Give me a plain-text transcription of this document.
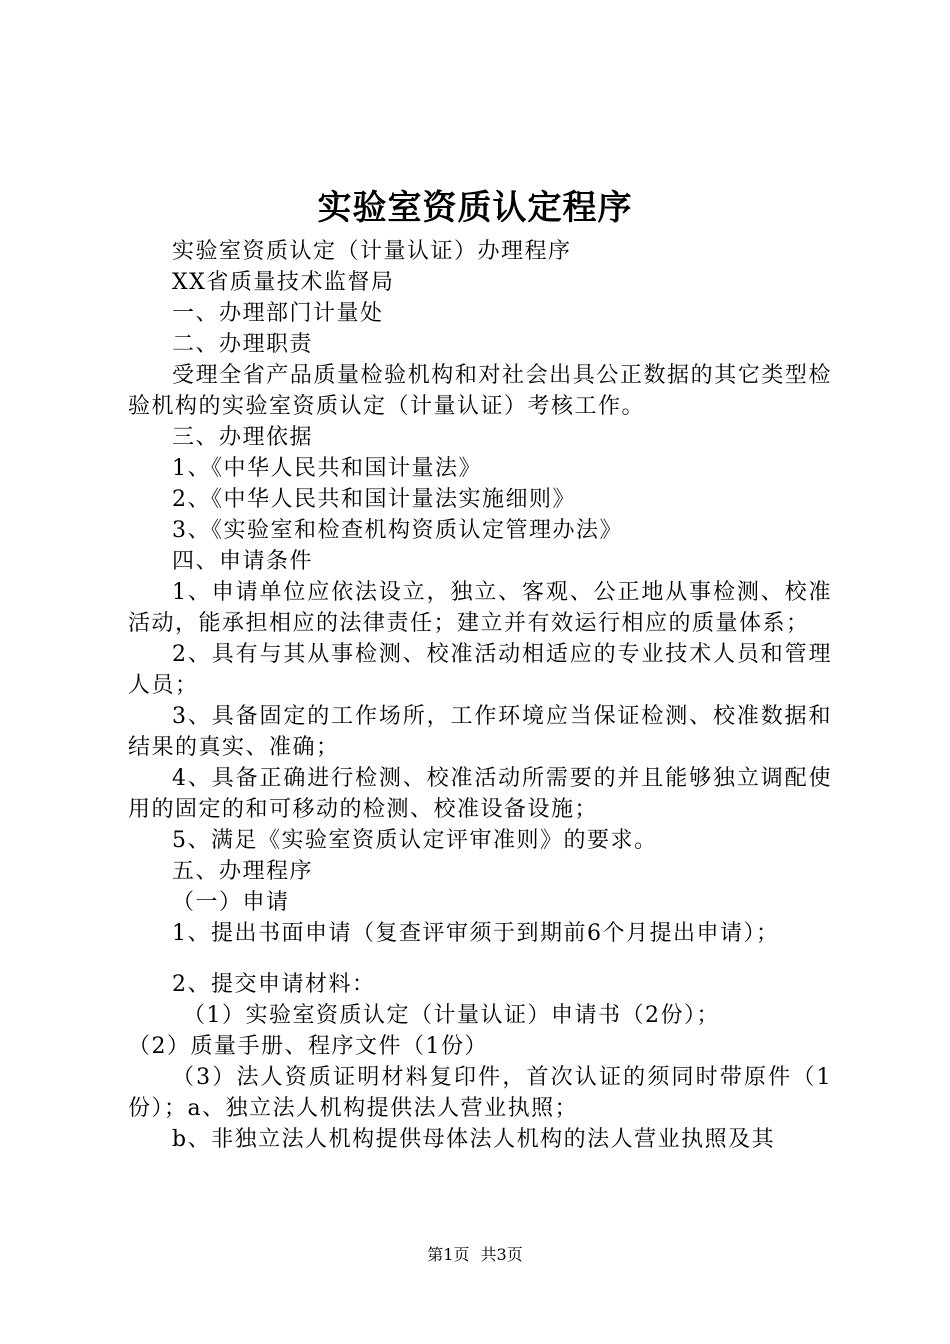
实验室资质认定程序

实验室资质认定（计量认证）办理程序

XX省质量技术监督局

一、办理部门计量处

二、办理职责

受理全省产品质量检验机构和对社会出具公正数据的其它类型检验机构的实验室资质认定（计量认证）考核工作。

三、办理依据

1、《中华人民共和国计量法》

2、《中华人民共和国计量法实施细则》

3、《实验室和检查机构资质认定管理办法》

四、申请条件

1、申请单位应依法设立，独立、客观、公正地从事检测、校准活动，能承担相应的法律责任；建立并有效运行相应的质量体系；

2、具有与其从事检测、校准活动相适应的专业技术人员和管理人员；

3、具备固定的工作场所，工作环境应当保证检测、校准数据和结果的真实、准确；

4、具备正确进行检测、校准活动所需要的并且能够独立调配使用的固定的和可移动的检测、校准设备设施；

5、满足《实验室资质认定评审准则》的要求。

五、办理程序

（一）申请

1、提出书面申请（复查评审须于到期前6个月提出申请）；

2、提交申请材料：

（1）实验室资质认定（计量认证）申请书（2份）；

（2）质量手册、程序文件（1份）

（3）法人资质证明材料复印件，首次认证的须同时带原件（1份）；a、独立法人机构提供法人营业执照；

b、非独立法人机构提供母体法人机构的法人营业执照及其

第1页 共3页
